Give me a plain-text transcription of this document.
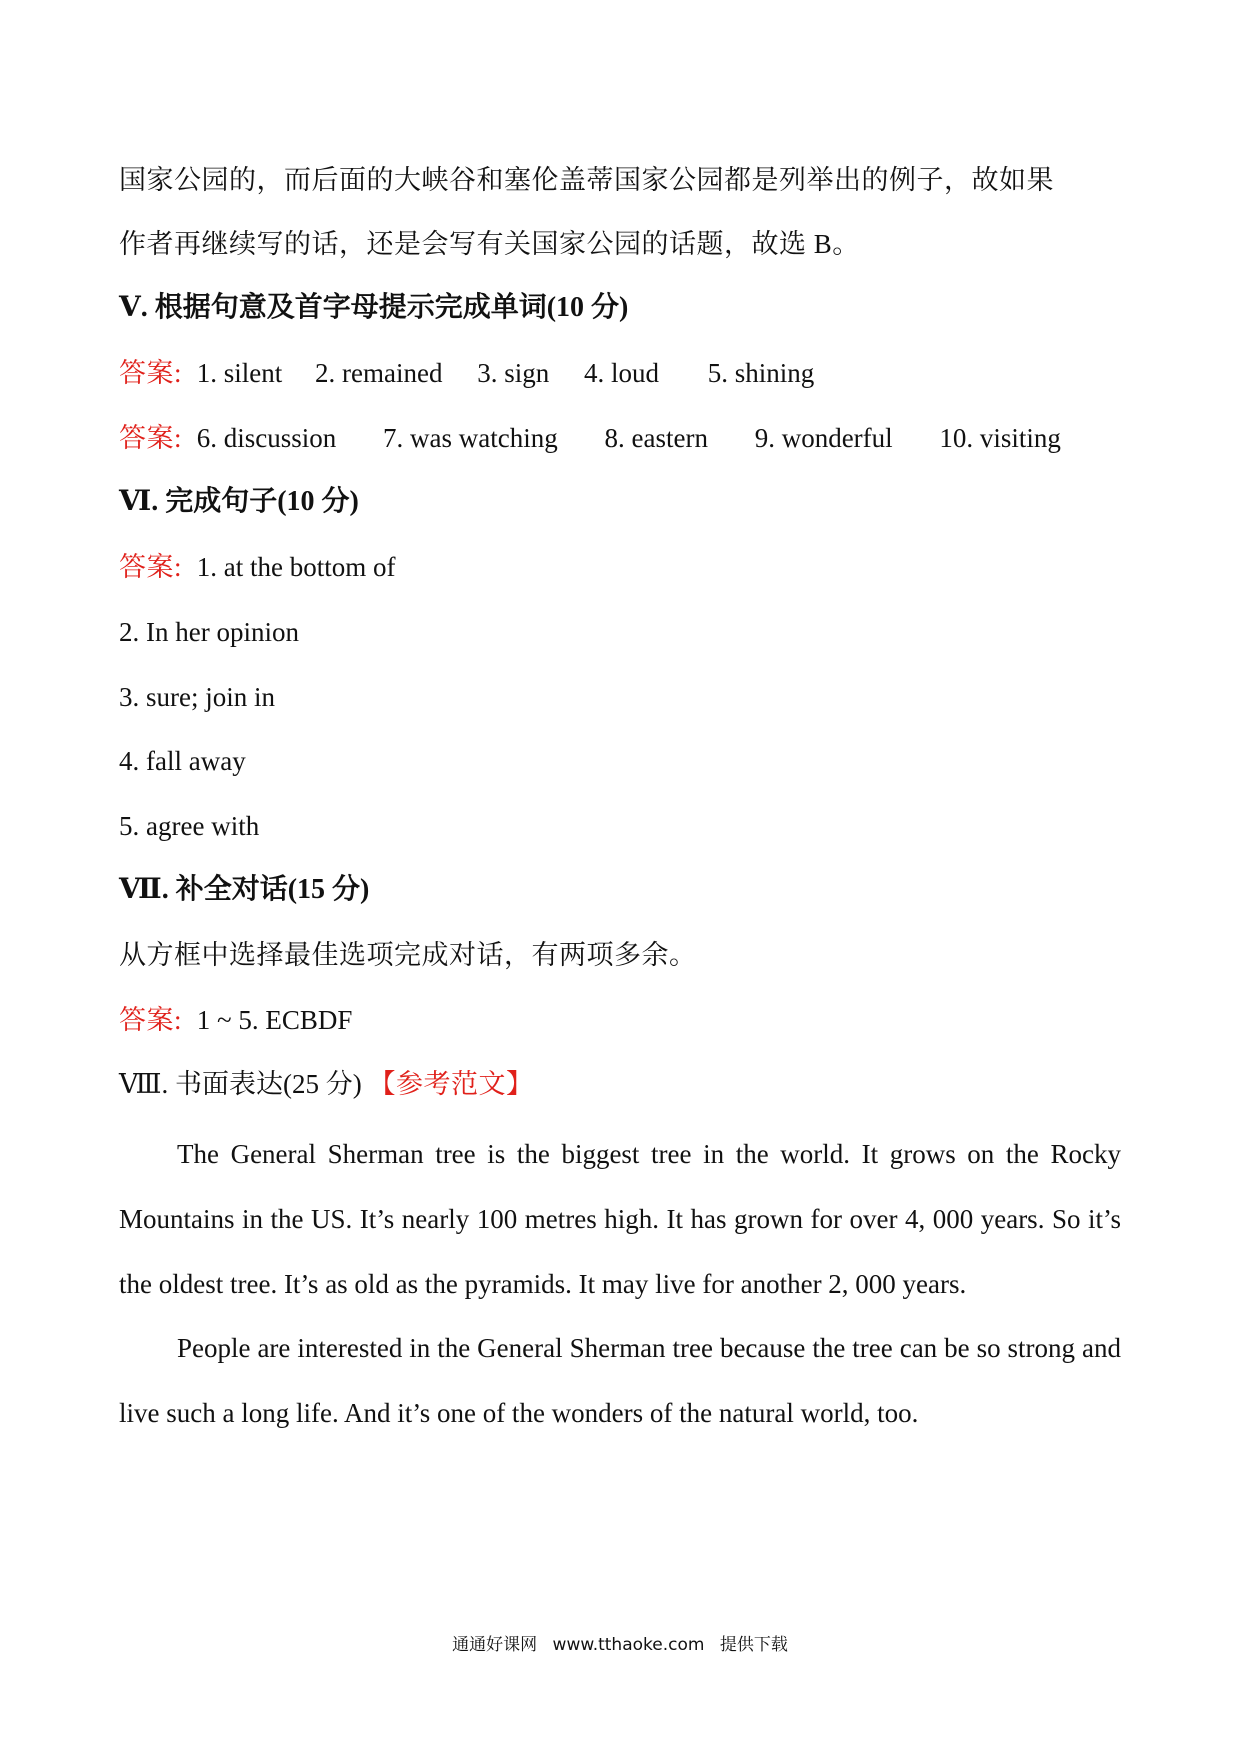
国家公园的，而后面的大峡谷和塞伦盖蒂国家公园都是列举出的例子，故如果
作者再继续写的话，还是会写有关国家公园的话题，故选 B。
Ⅴ. 根据句意及首字母提示完成单词(10 分)
答案: 1. silent 2. remained 3. sign 4. loud 5. shining
答案: 6. discussion 7. was watching 8. eastern 9. wonderful 10. visiting
Ⅵ. 完成句子(10 分)
答案: 1. at the bottom of
2. In her opinion
3. sure; join in
4. fall away
5. agree with
Ⅶ. 补全对话(15 分)
从方框中选择最佳选项完成对话，有两项多余。
答案: 1 ~ 5. ECBDF
Ⅷ. 书面表达(25 分) 【参考范文】

The General Sherman tree is the biggest tree in the world. It grows on the Rocky Mountains in the US. It’s nearly 100 metres high. It has grown for over 4, 000 years. So it’s the oldest tree. It’s as old as the pyramids. It may live for another 2, 000 years.

People are interested in the General Sherman tree because the tree can be so strong and live such a long life. And it’s one of the wonders of the natural world, too.

通通好课网 www.tthaoke.com 提供下载
